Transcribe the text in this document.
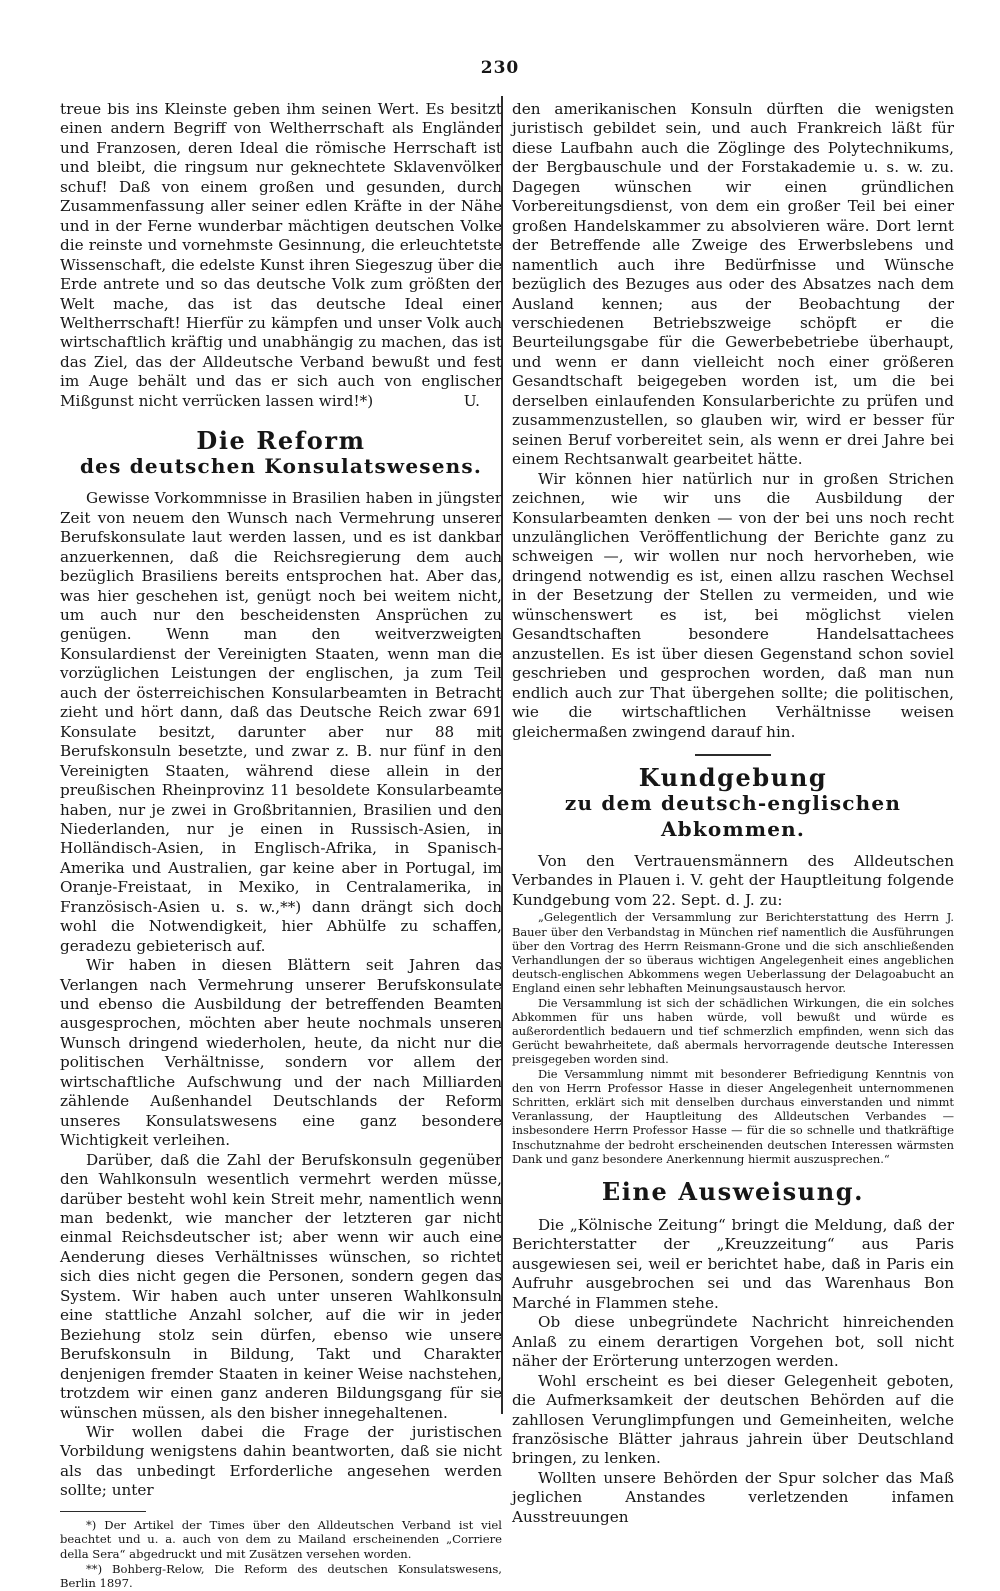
230

treue bis ins Kleinste geben ihm seinen Wert. Es besitzt einen andern Begriff von Weltherrschaft als Engländer und Franzosen, deren Ideal die römische Herrschaft ist und bleibt, die ringsum nur geknechtete Sklavenvölker schuf! Daß von einem großen und gesunden, durch Zusammenfassung aller seiner edlen Kräfte in der Nähe und in der Ferne wunderbar mächtigen deutschen Volke die reinste und vornehmste Gesinnung, die erleuchtetste Wissenschaft, die edelste Kunst ihren Siegeszug über die Erde antrete und so das deutsche Volk zum größten der Welt mache, das ist das deutsche Ideal einer Weltherrschaft! Hierfür zu kämpfen und unser Volk auch wirtschaftlich kräftig und unabhängig zu machen, das ist das Ziel, das der Alldeutsche Verband bewußt und fest im Auge behält und das er sich auch von englischer Mißgunst nicht verrücken lassen wird!*)	U.

Die Reform
des deutschen Konsulatswesens.

Gewisse Vorkommnisse in Brasilien haben in jüngster Zeit von neuem den Wunsch nach Vermehrung unserer Berufskonsulate laut werden lassen, und es ist dankbar anzuerkennen, daß die Reichsregierung dem auch bezüglich Brasiliens bereits entsprochen hat. Aber das, was hier geschehen ist, genügt noch bei weitem nicht, um auch nur den bescheidensten Ansprüchen zu genügen. Wenn man den weitverzweigten Konsulardienst der Vereinigten Staaten, wenn man die vorzüglichen Leistungen der englischen, ja zum Teil auch der österreichischen Konsularbeamten in Betracht zieht und hört dann, daß das Deutsche Reich zwar 691 Konsulate besitzt, darunter aber nur 88 mit Berufskonsuln besetzte, und zwar z. B. nur fünf in den Vereinigten Staaten, während diese allein in der preußischen Rheinprovinz 11 besoldete Konsularbeamte haben, nur je zwei in Großbritannien, Brasilien und den Niederlanden, nur je einen in Russisch-Asien, in Holländisch-Asien, in Englisch-Afrika, in Spanisch-Amerika und Australien, gar keine aber in Portugal, im Oranje-Freistaat, in Mexiko, in Centralamerika, in Französisch-Asien u. s. w.,**) dann drängt sich doch wohl die Notwendigkeit, hier Abhülfe zu schaffen, geradezu gebieterisch auf.

Wir haben in diesen Blättern seit Jahren das Verlangen nach Vermehrung unserer Berufskonsulate und ebenso die Ausbildung der betreffenden Beamten ausgesprochen, möchten aber heute nochmals unseren Wunsch dringend wiederholen, heute, da nicht nur die politischen Verhältnisse, sondern vor allem der wirtschaftliche Aufschwung und der nach Milliarden zählende Außenhandel Deutschlands der Reform unseres Konsulatswesens eine ganz besondere Wichtigkeit verleihen.

Darüber, daß die Zahl der Berufskonsuln gegenüber den Wahlkonsuln wesentlich vermehrt werden müsse, darüber besteht wohl kein Streit mehr, namentlich wenn man bedenkt, wie mancher der letzteren gar nicht einmal Reichsdeutscher ist; aber wenn wir auch eine Aenderung dieses Verhältnisses wünschen, so richtet sich dies nicht gegen die Personen, sondern gegen das System. Wir haben auch unter unseren Wahlkonsuln eine stattliche Anzahl solcher, auf die wir in jeder Beziehung stolz sein dürfen, ebenso wie unsere Berufskonsuln in Bildung, Takt und Charakter denjenigen fremder Staaten in keiner Weise nachstehen, trotzdem wir einen ganz anderen Bildungsgang für sie wünschen müssen, als den bisher innegehaltenen.

Wir wollen dabei die Frage der juristischen Vorbildung wenigstens dahin beantworten, daß sie nicht als das unbedingt Erforderliche angesehen werden sollte; unter

*) Der Artikel der Times über den Alldeutschen Verband ist viel beachtet und u. a. auch von dem zu Mailand erscheinenden „Corriere della Sera“ abgedruckt und mit Zusätzen versehen worden.

**) Bohberg-Relow, Die Reform des deutschen Konsulatswesens, Berlin 1897.

den amerikanischen Konsuln dürften die wenigsten juristisch gebildet sein, und auch Frankreich läßt für diese Laufbahn auch die Zöglinge des Polytechnikums, der Bergbauschule und der Forstakademie u. s. w. zu. Dagegen wünschen wir einen gründlichen Vorbereitungsdienst, von dem ein großer Teil bei einer großen Handelskammer zu absolvieren wäre. Dort lernt der Betreffende alle Zweige des Erwerbslebens und namentlich auch ihre Bedürfnisse und Wünsche bezüglich des Bezuges aus oder des Absatzes nach dem Ausland kennen; aus der Beobachtung der verschiedenen Betriebszweige schöpft er die Beurteilungsgabe für die Gewerbebetriebe überhaupt, und wenn er dann vielleicht noch einer größeren Gesandtschaft beigegeben worden ist, um die bei derselben einlaufenden Konsularberichte zu prüfen und zusammenzustellen, so glauben wir, wird er besser für seinen Beruf vorbereitet sein, als wenn er drei Jahre bei einem Rechtsanwalt gearbeitet hätte.

Wir können hier natürlich nur in großen Strichen zeichnen, wie wir uns die Ausbildung der Konsularbeamten denken — von der bei uns noch recht unzulänglichen Veröffentlichung der Berichte ganz zu schweigen —, wir wollen nur noch hervorheben, wie dringend notwendig es ist, einen allzu raschen Wechsel in der Besetzung der Stellen zu vermeiden, und wie wünschenswert es ist, bei möglichst vielen Gesandtschaften besondere Handelsattachees anzustellen. Es ist über diesen Gegenstand schon soviel geschrieben und gesprochen worden, daß man nun endlich auch zur That übergehen sollte; die politischen, wie die wirtschaftlichen Verhältnisse weisen gleichermaßen zwingend darauf hin.

Kundgebung
zu dem deutsch-englischen Abkommen.

Von den Vertrauensmännern des Alldeutschen Verbandes in Plauen i. V. geht der Hauptleitung folgende Kundgebung vom 22. Sept. d. J. zu:

„Gelegentlich der Versammlung zur Berichterstattung des Herrn J. Bauer über den Verbandstag in München rief namentlich die Ausführungen über den Vortrag des Herrn Reismann-Grone und die sich anschließenden Verhandlungen der so überaus wichtigen Angelegenheit eines angeblichen deutsch-englischen Abkommens wegen Ueberlassung der Delagoabucht an England einen sehr lebhaften Meinungsaustausch hervor.

Die Versammlung ist sich der schädlichen Wirkungen, die ein solches Abkommen für uns haben würde, voll bewußt und würde es außerordentlich bedauern und tief schmerzlich empfinden, wenn sich das Gerücht bewahrheitete, daß abermals hervorragende deutsche Interessen preisgegeben worden sind.

Die Versammlung nimmt mit besonderer Befriedigung Kenntnis von den von Herrn Professor Hasse in dieser Angelegenheit unternommenen Schritten, erklärt sich mit denselben durchaus einverstanden und nimmt Veranlassung, der Hauptleitung des Alldeutschen Verbandes — insbesondere Herrn Professor Hasse — für die so schnelle und thatkräftige Inschutznahme der bedroht erscheinenden deutschen Interessen wärmsten Dank und ganz besondere Anerkennung hiermit auszusprechen.“

Eine Ausweisung.

Die „Kölnische Zeitung“ bringt die Meldung, daß der Berichterstatter der „Kreuzzeitung“ aus Paris ausgewiesen sei, weil er berichtet habe, daß in Paris ein Aufruhr ausgebrochen sei und das Warenhaus Bon Marché in Flammen stehe.

Ob diese unbegründete Nachricht hinreichenden Anlaß zu einem derartigen Vorgehen bot, soll nicht näher der Erörterung unterzogen werden.

Wohl erscheint es bei dieser Gelegenheit geboten, die Aufmerksamkeit der deutschen Behörden auf die zahllosen Verunglimpfungen und Gemeinheiten, welche französische Blätter jahraus jahrein über Deutschland bringen, zu lenken.

Wollten unsere Behörden der Spur solcher das Maß jeglichen Anstandes verletzenden infamen Ausstreuungen
